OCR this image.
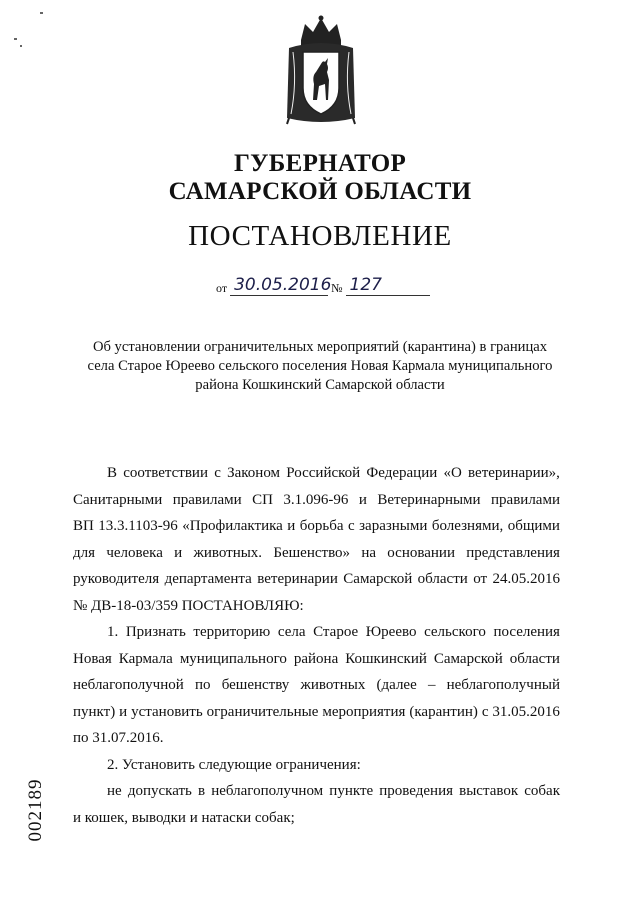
ГУБЕРНАТОР
САМАРСКОЙ ОБЛАСТИ
ПОСТАНОВЛЕНИЕ
от 30.05.2016 № 127
Об установлении ограничительных мероприятий (карантина) в границах
села Старое Юреево сельского поселения Новая Кармала муниципального
района Кошкинский Самарской области
В соответствии с Законом Российской Федерации «О ветеринарии»,
Санитарными правилами СП 3.1.096-96 и Ветеринарными правилами
ВП 13.3.1103-96 «Профилактика и борьба с заразными болезнями, общими
для человека и животных. Бешенство» на основании представления
руководителя департамента ветеринарии Самарской области от 24.05.2016
№ ДВ-18-03/359 ПОСТАНОВЛЯЮ:
1. Признать территорию села Старое Юреево сельского поселения
Новая Кармала муниципального района Кошкинский Самарской области
неблагополучной по бешенству животных (далее – неблагополучный
пункт) и установить ограничительные мероприятия (карантин) с 31.05.2016
по 31.07.2016.
2. Установить следующие ограничения:
не допускать в неблагополучном пункте проведения выставок собак
и кошек, выводки и натаски собак;
002189
